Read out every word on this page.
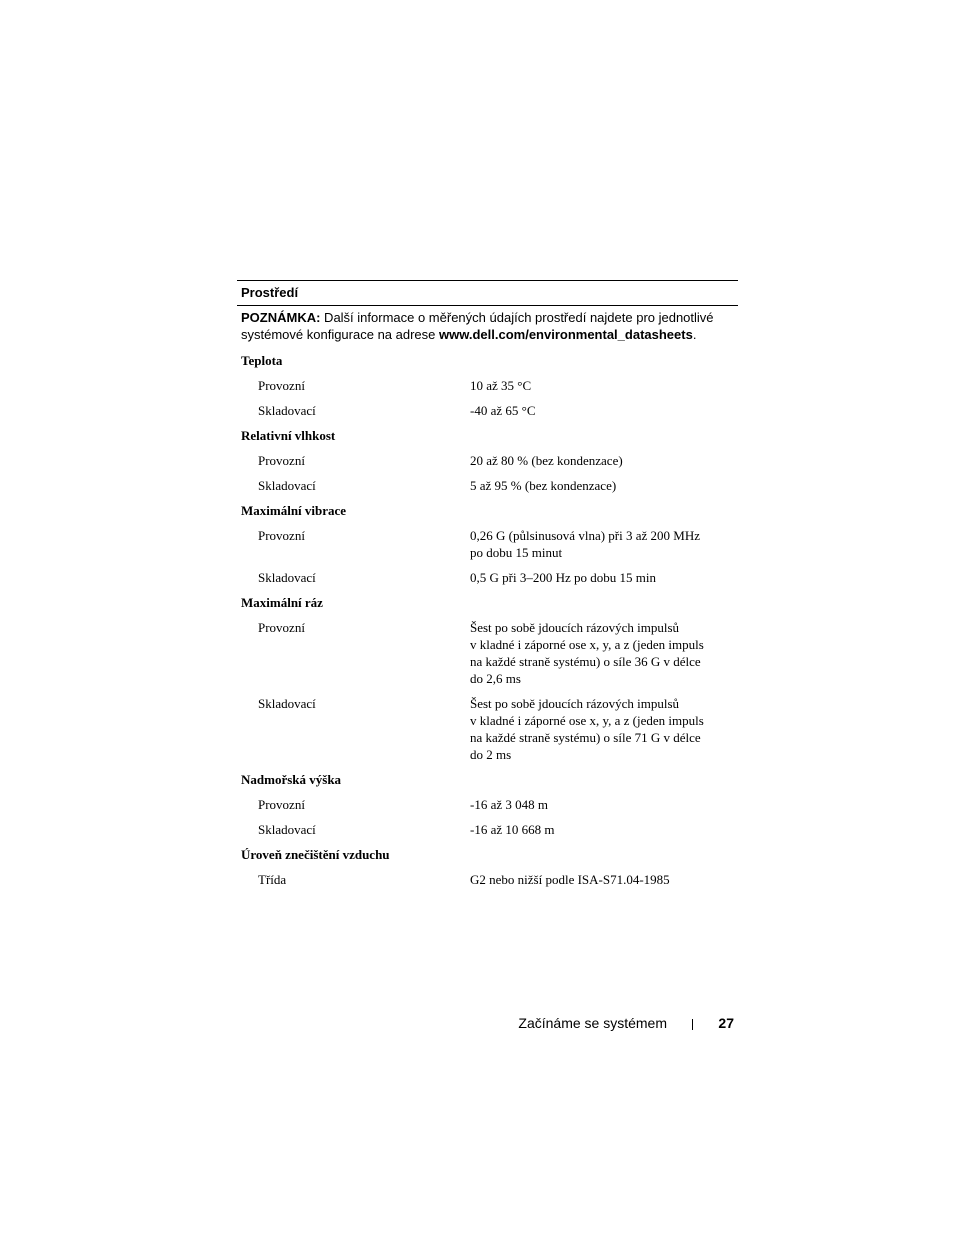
Prostředí
POZNÁMKA: Další informace o měřených údajích prostředí najdete pro jednotlivé systémové konfigurace na adrese www.dell.com/environmental_datasheets.
Teplota
Provozní	10 až 35 °C
Skladovací	-40 až 65 °C
Relativní vlhkost
Provozní	20 až 80 % (bez kondenzace)
Skladovací	5 až 95 % (bez kondenzace)
Maximální vibrace
Provozní	0,26 G (půlsinusová vlna) při 3 až 200 MHz
po dobu 15 minut
Skladovací	0,5 G při 3–200 Hz po dobu 15 min
Maximální ráz
Provozní	Šest po sobě jdoucích rázových impulsů
v kladné i záporné ose x, y, a z (jeden impuls
na každé straně systému) o síle 36 G v délce
do 2,6 ms
Skladovací	Šest po sobě jdoucích rázových impulsů
v kladné i záporné ose x, y, a z (jeden impuls
na každé straně systému) o síle 71 G v délce
do 2 ms
Nadmořská výška
Provozní	-16 až 3 048 m
Skladovací	-16 až 10 668 m
Úroveň znečištění vzduchu
Třída	G2 nebo nižší podle ISA-S71.04-1985
Začínáme se systémem	27
